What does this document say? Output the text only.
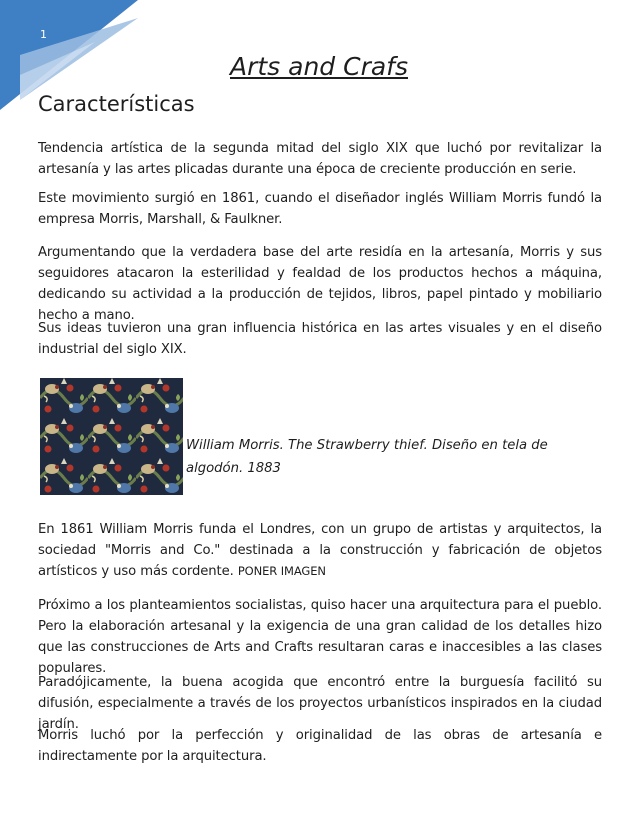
1
Arts and Crafs
Características

Tendencia artística de la segunda mitad del siglo XIX que luchó por revitalizar la artesanía y las artes plicadas durante una época de creciente producción en serie.

Este movimiento surgió en 1861, cuando el diseñador inglés William Morris fundó la empresa Morris, Marshall, & Faulkner.

Argumentando que la verdadera base del arte residía en la artesanía, Morris y sus seguidores atacaron la esterilidad y fealdad de los productos hechos a máquina, dedicando su actividad a la producción de tejidos, libros, papel pintado y mobiliario hecho a mano.

Sus ideas tuvieron una gran influencia histórica en las artes visuales y en el diseño industrial del siglo XIX.

William Morris. The Strawberry thief. Diseño en tela de algodón. 1883

En 1861 William Morris funda el Londres, con un grupo de artistas y arquitectos, la sociedad "Morris and Co." destinada a la construcción y fabricación de objetos artísticos y uso más cordente. PONER IMAGEN

Próximo a los planteamientos socialistas, quiso hacer una arquitectura para el pueblo. Pero la elaboración artesanal y la exigencia de una gran calidad de los detalles hizo que las construcciones de Arts and Crafts resultaran caras e inaccesibles a las clases populares.

Paradójicamente, la buena acogida que encontró entre la burguesía facilitó su difusión, especialmente a través de los proyectos urbanísticos inspirados en la ciudad jardín.

Morris luchó por la perfección y originalidad de las obras de artesanía e indirectamente por la arquitectura.
